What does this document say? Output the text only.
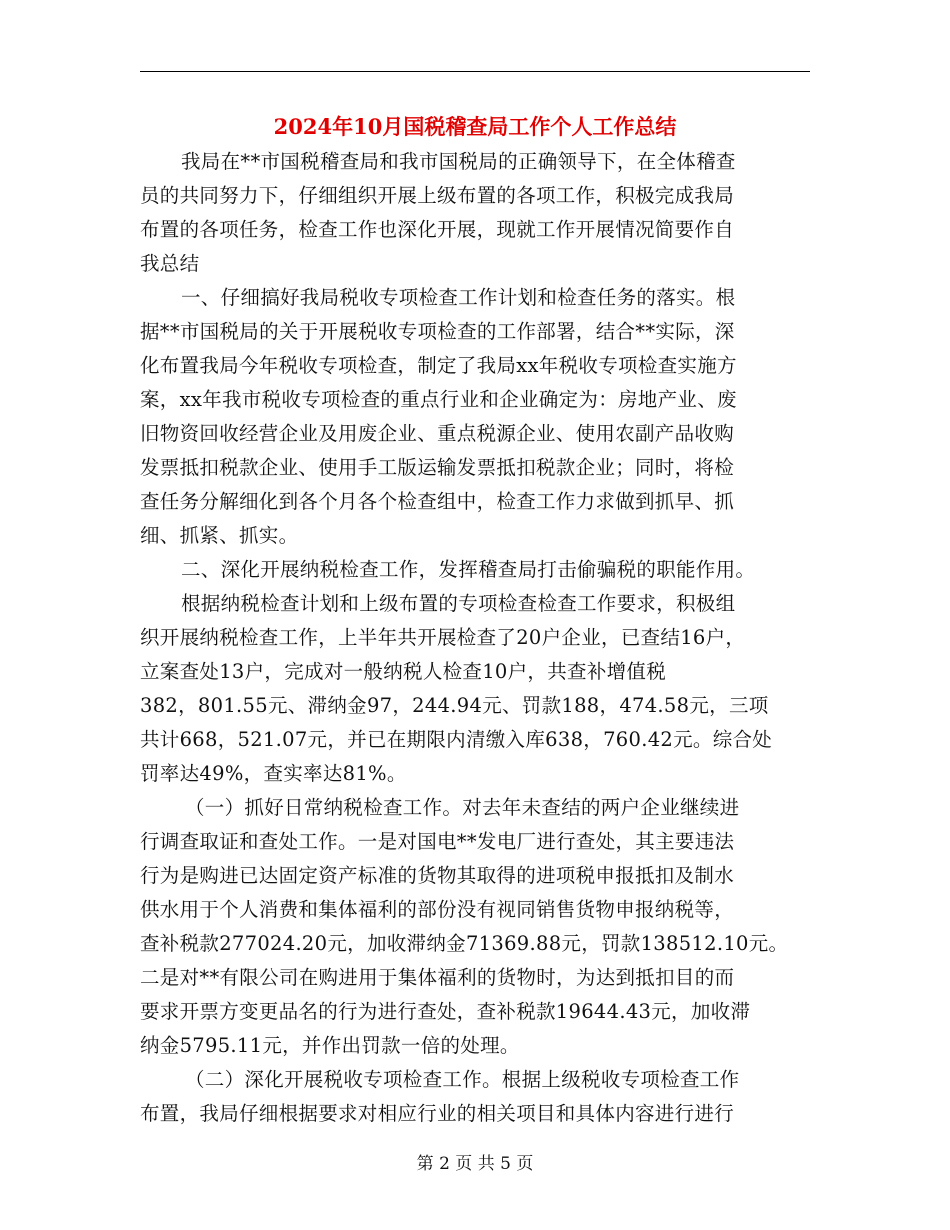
2024年10月国税稽查局工作个人工作总结
我局在**市国税稽查局和我市国税局的正确领导下，在全体稽查
员的共同努力下，仔细组织开展上级布置的各项工作，积极完成我局
布置的各项任务，检查工作也深化开展，现就工作开展情况简要作自
我总结
一、仔细搞好我局税收专项检查工作计划和检查任务的落实。根
据**市国税局的关于开展税收专项检查的工作部署，结合**实际，深
化布置我局今年税收专项检查，制定了我局xx年税收专项检查实施方
案，xx年我市税收专项检查的重点行业和企业确定为：房地产业、废
旧物资回收经营企业及用废企业、重点税源企业、使用农副产品收购
发票抵扣税款企业、使用手工版运输发票抵扣税款企业；同时，将检
查任务分解细化到各个月各个检查组中，检查工作力求做到抓早、抓
细、抓紧、抓实。
二、深化开展纳税检查工作，发挥稽查局打击偷骗税的职能作用。
根据纳税检查计划和上级布置的专项检查检查工作要求，积极组
织开展纳税检查工作，上半年共开展检查了20户企业，已查结16户，
立案查处13户，完成对一般纳税人检查10户，共查补增值税
382，801.55元、滞纳金97，244.94元、罚款188，474.58元，三项
共计668，521.07元，并已在期限内清缴入库638，760.42元。综合处
罚率达49%，查实率达81%。
（一）抓好日常纳税检查工作。对去年未查结的两户企业继续进
行调查取证和查处工作。一是对国电**发电厂进行查处，其主要违法
行为是购进已达固定资产标准的货物其取得的进项税申报抵扣及制水
供水用于个人消费和集体福利的部份没有视同销售货物申报纳税等，
查补税款277024.20元，加收滞纳金71369.88元，罚款138512.10元。
二是对**有限公司在购进用于集体福利的货物时，为达到抵扣目的而
要求开票方变更品名的行为进行查处，查补税款19644.43元，加收滞
纳金5795.11元，并作出罚款一倍的处理。
（二）深化开展税收专项检查工作。根据上级税收专项检查工作
布置，我局仔细根据要求对相应行业的相关项目和具体内容进行进行
第 2 页 共 5 页
